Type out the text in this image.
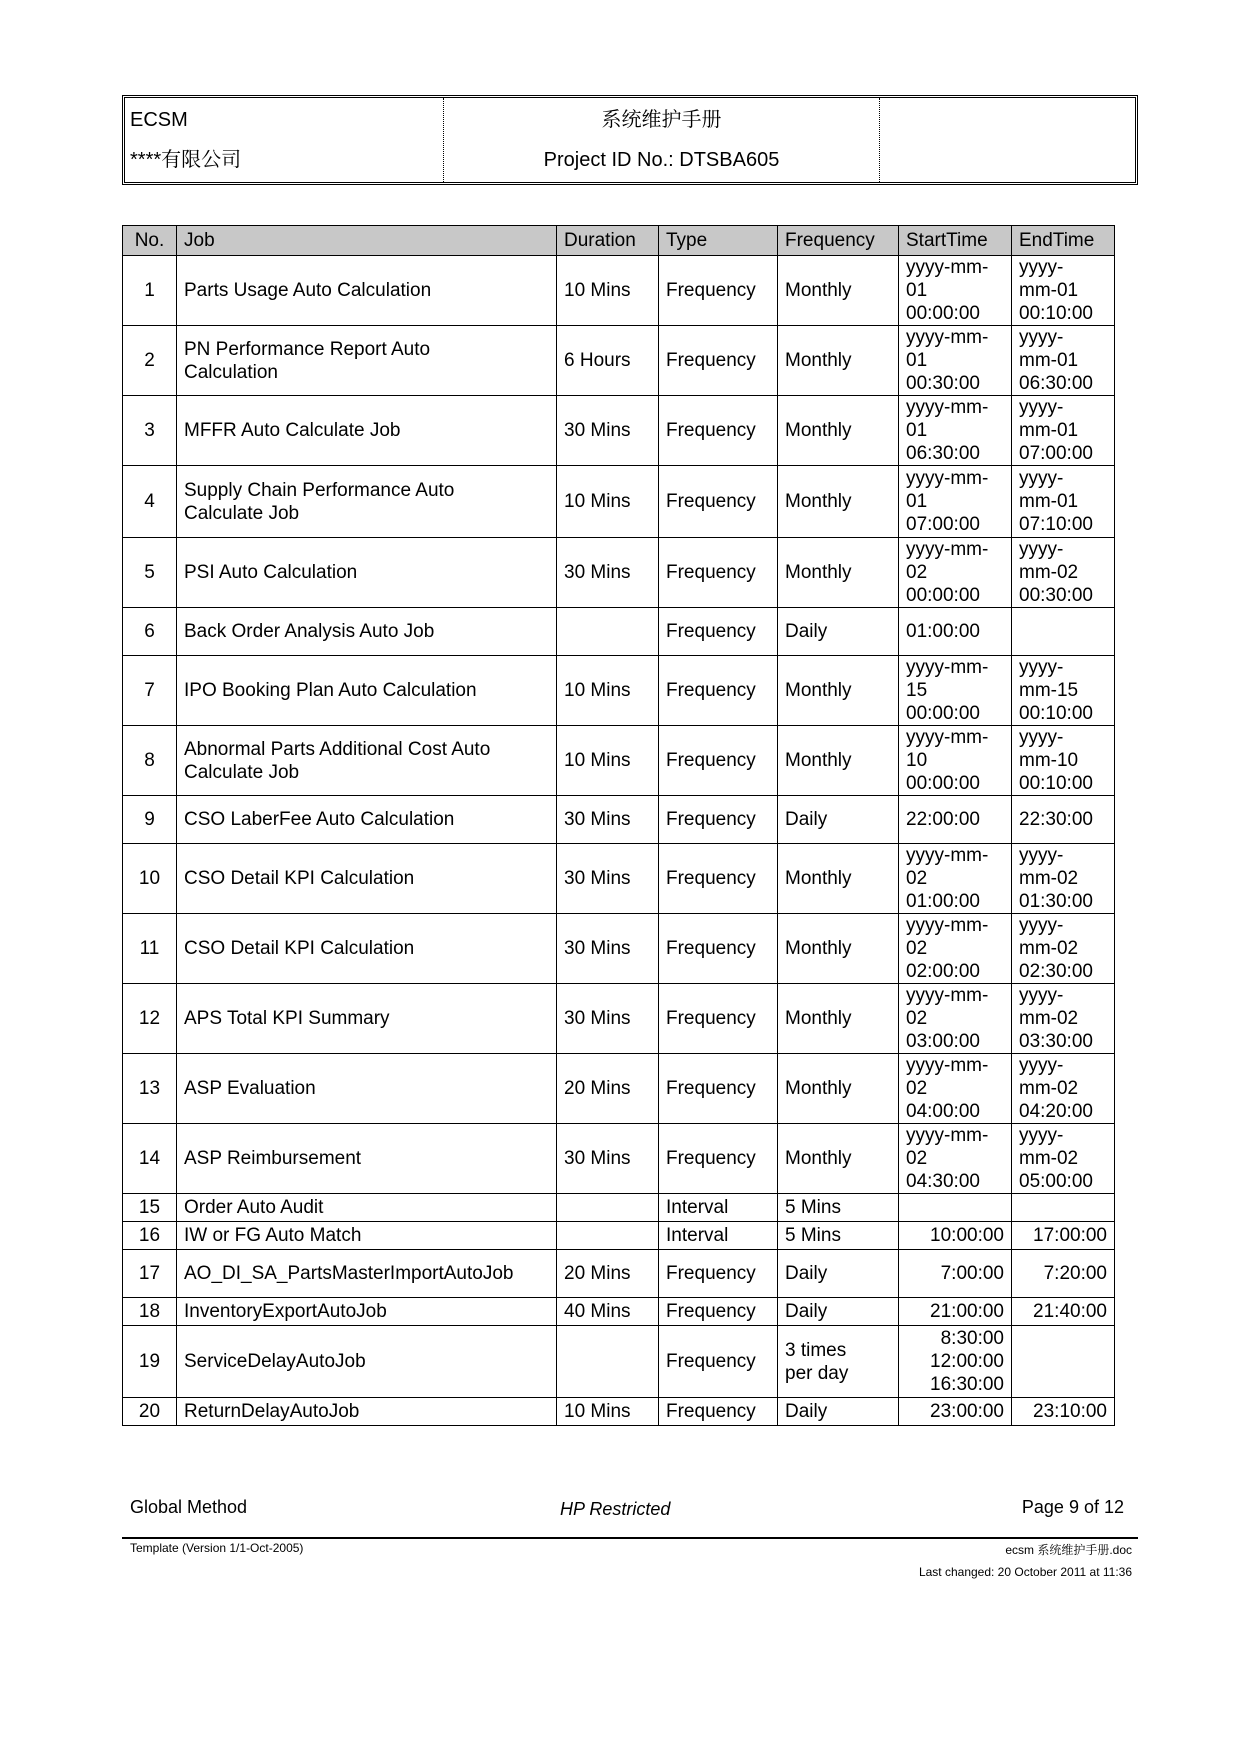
ECSM
****有限公司

系统维护手册
Project ID No.: DTSBA605

No.	Job	Duration	Type	Frequency	StartTime	EndTime
1	Parts Usage Auto Calculation	10 Mins	Frequency	Monthly	yyyy-mm-
01
00:00:00	yyyy-
mm-01
00:10:00
2	PN Performance Report Auto
Calculation	6 Hours	Frequency	Monthly	yyyy-mm-
01
00:30:00	yyyy-
mm-01
06:30:00
3	MFFR Auto Calculate Job	30 Mins	Frequency	Monthly	yyyy-mm-
01
06:30:00	yyyy-
mm-01
07:00:00
4	Supply Chain Performance Auto
Calculate Job	10 Mins	Frequency	Monthly	yyyy-mm-
01
07:00:00	yyyy-
mm-01
07:10:00
5	PSI Auto Calculation	30 Mins	Frequency	Monthly	yyyy-mm-
02
00:00:00	yyyy-
mm-02
00:30:00
6	Back Order Analysis Auto Job		Frequency	Daily	01:00:00	
7	IPO Booking Plan Auto Calculation	10 Mins	Frequency	Monthly	yyyy-mm-
15
00:00:00	yyyy-
mm-15
00:10:00
8	Abnormal Parts Additional Cost Auto
Calculate Job	10 Mins	Frequency	Monthly	yyyy-mm-
10
00:00:00	yyyy-
mm-10
00:10:00
9	CSO LaberFee Auto Calculation	30 Mins	Frequency	Daily	22:00:00	22:30:00
10	CSO Detail KPI Calculation	30 Mins	Frequency	Monthly	yyyy-mm-
02
01:00:00	yyyy-
mm-02
01:30:00
11	CSO Detail KPI Calculation	30 Mins	Frequency	Monthly	yyyy-mm-
02
02:00:00	yyyy-
mm-02
02:30:00
12	APS Total KPI Summary	30 Mins	Frequency	Monthly	yyyy-mm-
02
03:00:00	yyyy-
mm-02
03:30:00
13	ASP Evaluation	20 Mins	Frequency	Monthly	yyyy-mm-
02
04:00:00	yyyy-
mm-02
04:20:00
14	ASP Reimbursement	30 Mins	Frequency	Monthly	yyyy-mm-
02
04:30:00	yyyy-
mm-02
05:00:00
15	Order Auto Audit		Interval	5 Mins		
16	IW or FG Auto Match		Interval	5 Mins	10:00:00	17:00:00
17	AO_DI_SA_PartsMasterImportAutoJob	20 Mins	Frequency	Daily	7:00:00	7:20:00
18	InventoryExportAutoJob	40 Mins	Frequency	Daily	21:00:00	21:40:00
19	ServiceDelayAutoJob		Frequency	3 times
per day	8:30:00
12:00:00
16:30:00	
20	ReturnDelayAutoJob	10 Mins	Frequency	Daily	23:00:00	23:10:00
Global Method	HP Restricted	Page 9 of 12
Template (Version 1/1-Oct-2005)	ecsm 系统维护手册.doc
Last changed: 20 October 2011 at 11:36
